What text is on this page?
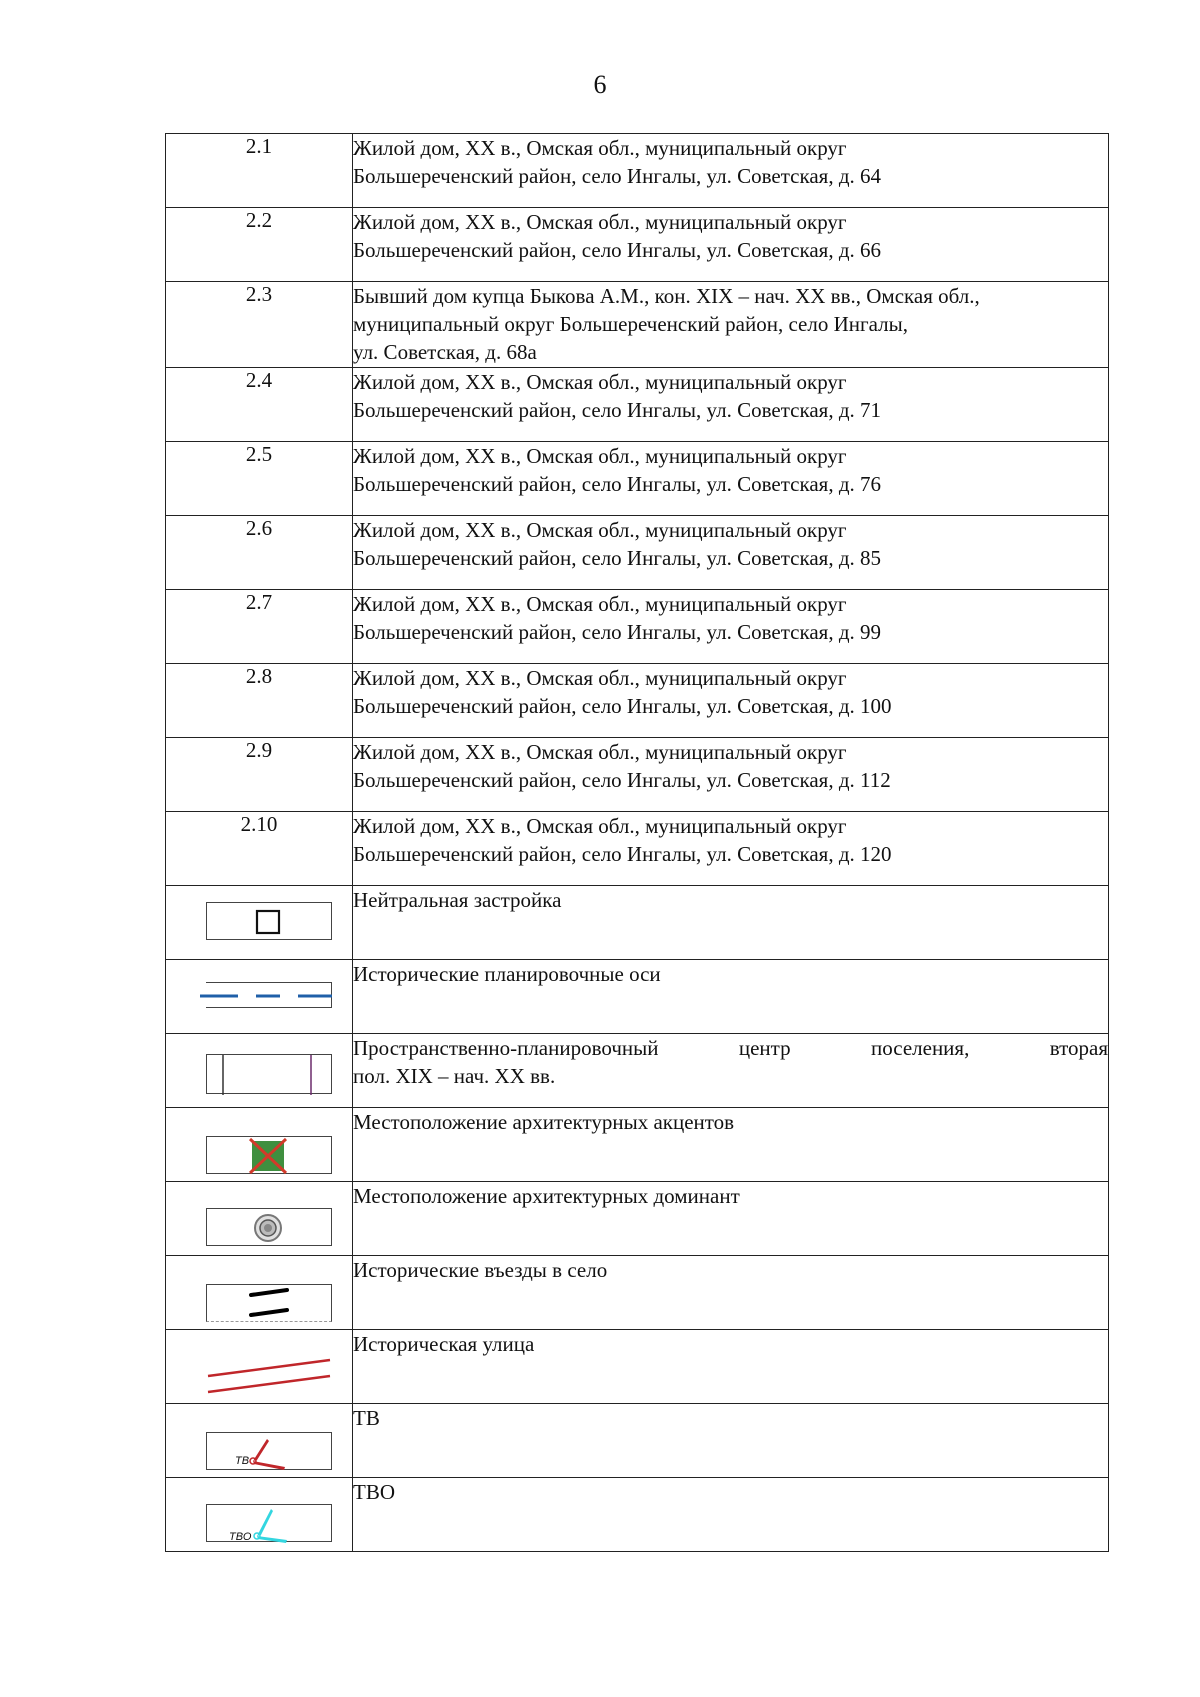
6
2.1	Жилой дом, XX в., Омская обл., муниципальный округ
Большереченский район, село Ингалы, ул. Советская, д. 64

2.2	Жилой дом, XX в., Омская обл., муниципальный округ
Большереченский район, село Ингалы, ул. Советская, д. 66

2.3	Бывший дом купца Быкова А.М., кон. XIX – нач. XX вв., Омская обл.,
муниципальный округ Большереченский район, село Ингалы,
ул. Советская, д. 68а

2.4	Жилой дом, XX в., Омская обл., муниципальный округ
Большереченский район, село Ингалы, ул. Советская, д. 71

2.5	Жилой дом, XX в., Омская обл., муниципальный округ
Большереченский район, село Ингалы, ул. Советская, д. 76

2.6	Жилой дом, XX в., Омская обл., муниципальный округ
Большереченский район, село Ингалы, ул. Советская, д. 85

2.7	Жилой дом, XX в., Омская обл., муниципальный округ
Большереченский район, село Ингалы, ул. Советская, д. 99

2.8	Жилой дом, XX в., Омская обл., муниципальный округ
Большереченский район, село Ингалы, ул. Советская, д. 100

2.9	Жилой дом, XX в., Омская обл., муниципальный округ
Большереченский район, село Ингалы, ул. Советская, д. 112

2.10	Жилой дом, XX в., Омская обл., муниципальный округ
Большереченский район, село Ингалы, ул. Советская, д. 120

Нейтральная застройка

Исторические планировочные оси

Пространственно-планировочный центр поселения, вторая
пол. XIX – нач. XX вв.

Местоположение архитектурных акцентов

Местоположение архитектурных доминант

Исторические въезды в село

Историческая улица

ТВ	ТВ

ТВО	ТВО
